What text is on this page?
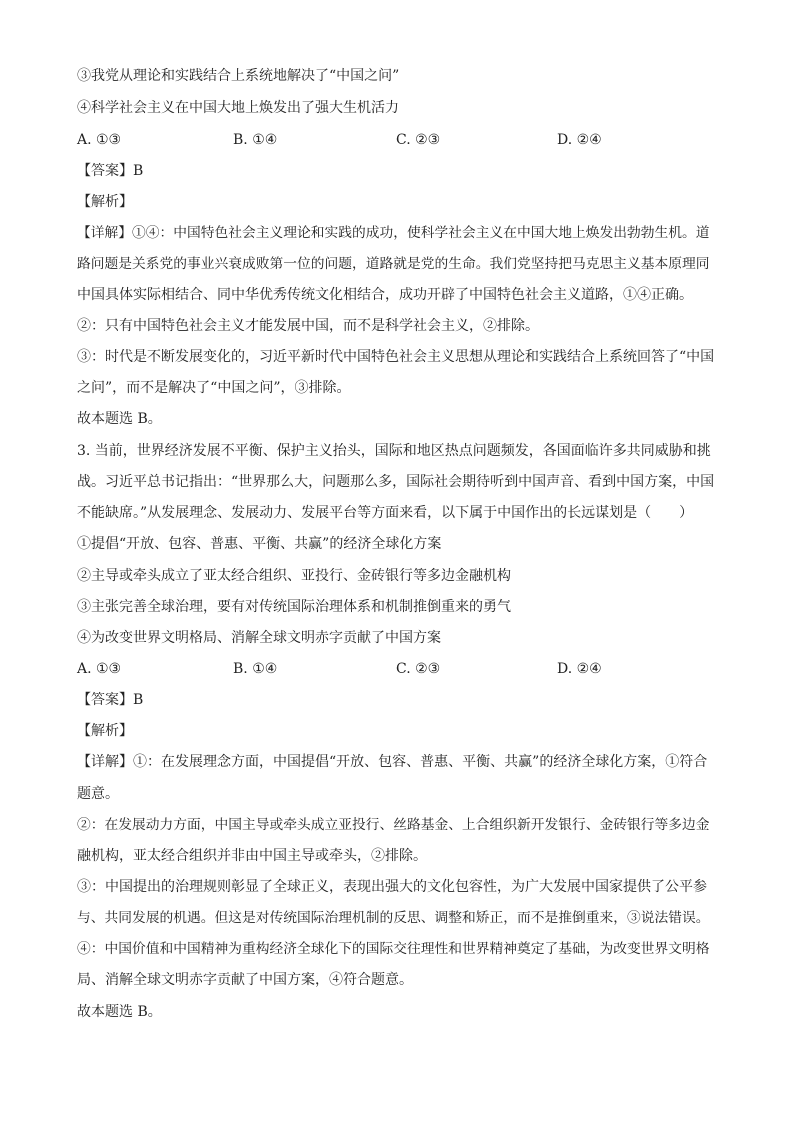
③我党从理论和实践结合上系统地解决了“中国之问”
④科学社会主义在中国大地上焕发出了强大生机活力
A. ①③	B. ①④	C. ②③	D. ②④
【答案】B
【解析】
【详解】①④：中国特色社会主义理论和实践的成功，使科学社会主义在中国大地上焕发出勃勃生机。道
路问题是关系党的事业兴衰成败第一位的问题，道路就是党的生命。我们党坚持把马克思主义基本原理同
中国具体实际相结合、同中华优秀传统文化相结合，成功开辟了中国特色社会主义道路，①④正确。
②：只有中国特色社会主义才能发展中国，而不是科学社会主义，②排除。
③：时代是不断发展变化的，习近平新时代中国特色社会主义思想从理论和实践结合上系统回答了“中国
之问”，而不是解决了“中国之问”，③排除。
故本题选 B。
3. 当前，世界经济发展不平衡、保护主义抬头，国际和地区热点问题频发，各国面临许多共同威胁和挑
战。习近平总书记指出：“世界那么大，问题那么多，国际社会期待听到中国声音、看到中国方案，中国
不能缺席。”从发展理念、发展动力、发展平台等方面来看，以下属于中国作出的长远谋划是（　　）
①提倡“开放、包容、普惠、平衡、共赢”的经济全球化方案
②主导或牵头成立了亚太经合组织、亚投行、金砖银行等多边金融机构
③主张完善全球治理，要有对传统国际治理体系和机制推倒重来的勇气
④为改变世界文明格局、消解全球文明赤字贡献了中国方案
A. ①③	B. ①④	C. ②③	D. ②④
【答案】B
【解析】
【详解】①：在发展理念方面，中国提倡“开放、包容、普惠、平衡、共赢”的经济全球化方案，①符合
题意。
②：在发展动力方面，中国主导或牵头成立亚投行、丝路基金、上合组织新开发银行、金砖银行等多边金
融机构，亚太经合组织并非由中国主导或牵头，②排除。
③：中国提出的治理规则彰显了全球正义，表现出强大的文化包容性，为广大发展中国家提供了公平参
与、共同发展的机遇。但这是对传统国际治理机制的反思、调整和矫正，而不是推倒重来，③说法错误。
④：中国价值和中国精神为重构经济全球化下的国际交往理性和世界精神奠定了基础，为改变世界文明格
局、消解全球文明赤字贡献了中国方案，④符合题意。
故本题选 B。
